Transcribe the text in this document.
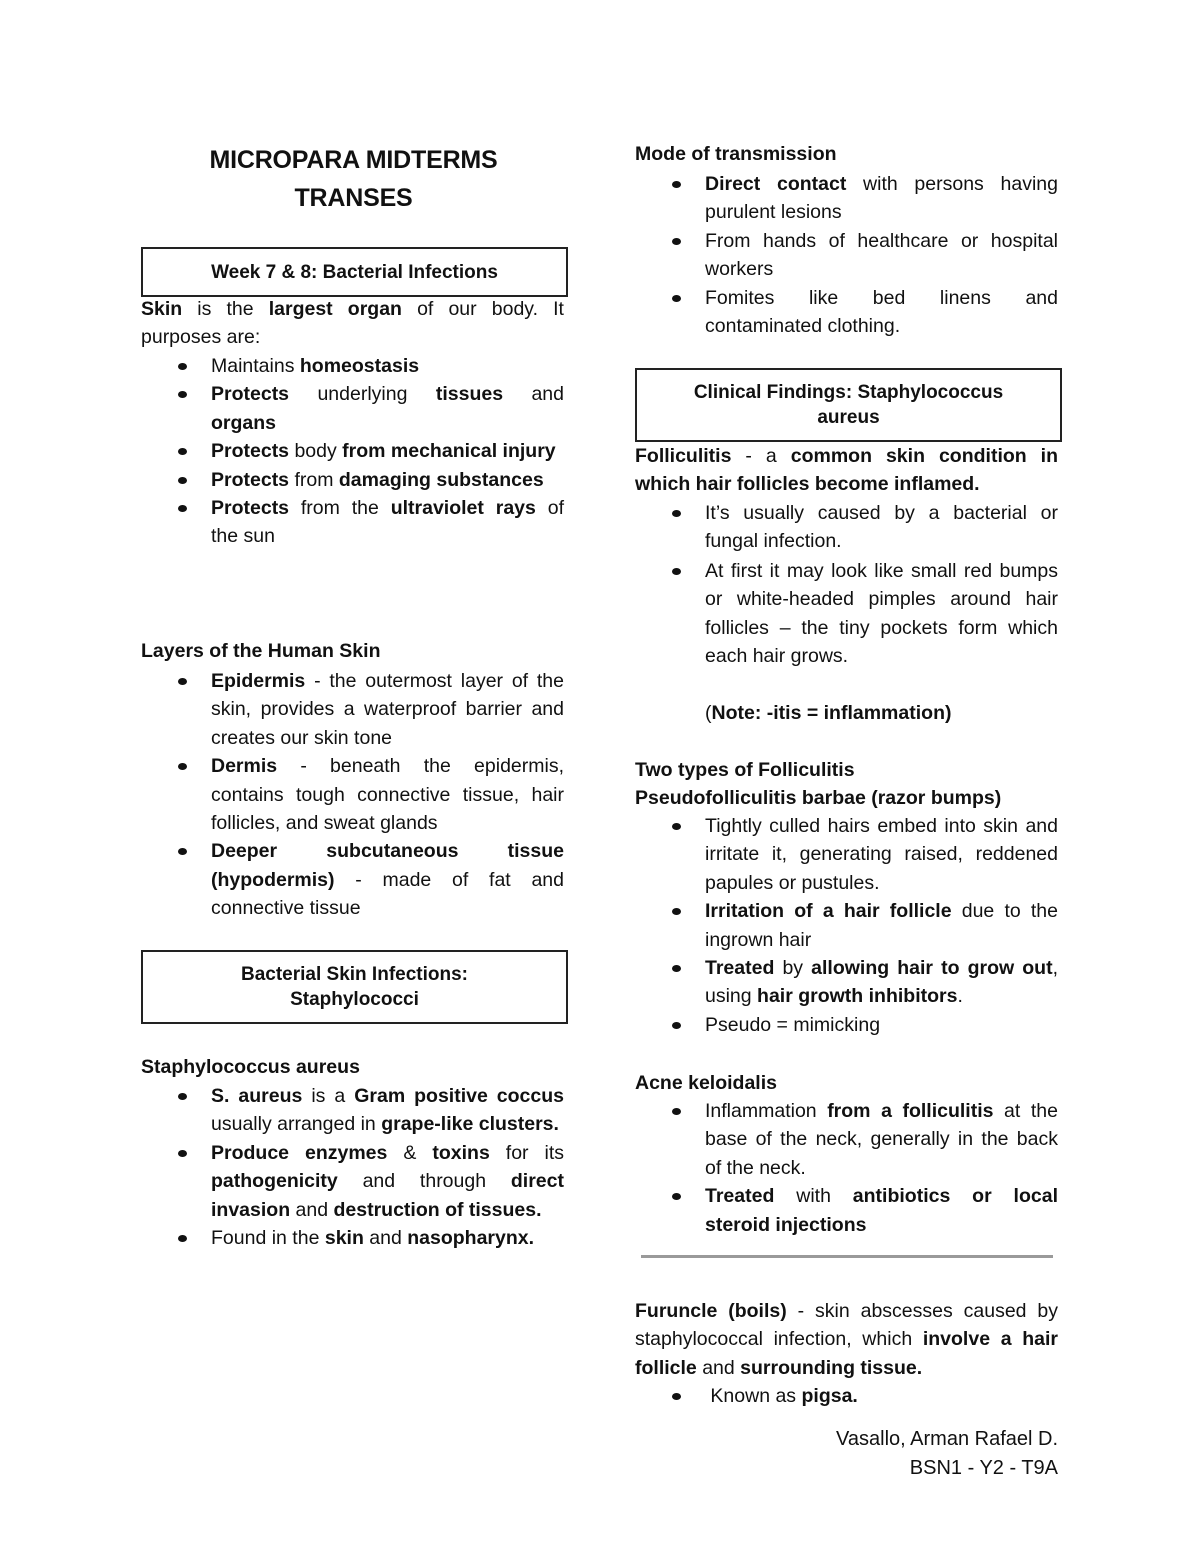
MICROPARA MIDTERMS
TRANSES
Week 7 & 8: Bacterial Infections
Skin is the largest organ of our body. It purposes are:
Maintains homeostasis
Protects underlying tissues and organs
Protects body from mechanical injury
Protects from damaging substances
Protects from the ultraviolet rays of the sun
Layers of the Human Skin
Epidermis - the outermost layer of the skin, provides a waterproof barrier and creates our skin tone
Dermis - beneath the epidermis, contains tough connective tissue, hair follicles, and sweat glands
Deeper subcutaneous tissue (hypodermis) - made of fat and connective tissue
Bacterial Skin Infections:
Staphylococci
Staphylococcus aureus
S. aureus is a Gram positive coccus usually arranged in grape-like clusters.
Produce enzymes & toxins for its pathogenicity and through direct invasion and destruction of tissues.
Found in the skin and nasopharynx.
Mode of transmission
Direct contact with persons having purulent lesions
From hands of healthcare or hospital workers
Fomites like bed linens and contaminated clothing.
Clinical Findings: Staphylococcus
aureus
Folliculitis - a common skin condition in which hair follicles become inflamed.
It’s usually caused by a bacterial or fungal infection.
At first it may look like small red bumps or white-headed pimples around hair follicles – the tiny pockets form which each hair grows.
(Note: -itis = inflammation)
Two types of Folliculitis
Pseudofolliculitis barbae (razor bumps)
Tightly culled hairs embed into skin and irritate it, generating raised, reddened papules or pustules.
Irritation of a hair follicle due to the ingrown hair
Treated by allowing hair to grow out, using hair growth inhibitors.
Pseudo = mimicking
Acne keloidalis
Inflammation from a folliculitis at the base of the neck, generally in the back of the neck.
Treated with antibiotics or local steroid injections
Furuncle (boils) - skin abscesses caused by staphylococcal infection, which involve a hair follicle and surrounding tissue.
Known as pigsa.
Vasallo, Arman Rafael D.
BSN1 - Y2 - T9A
